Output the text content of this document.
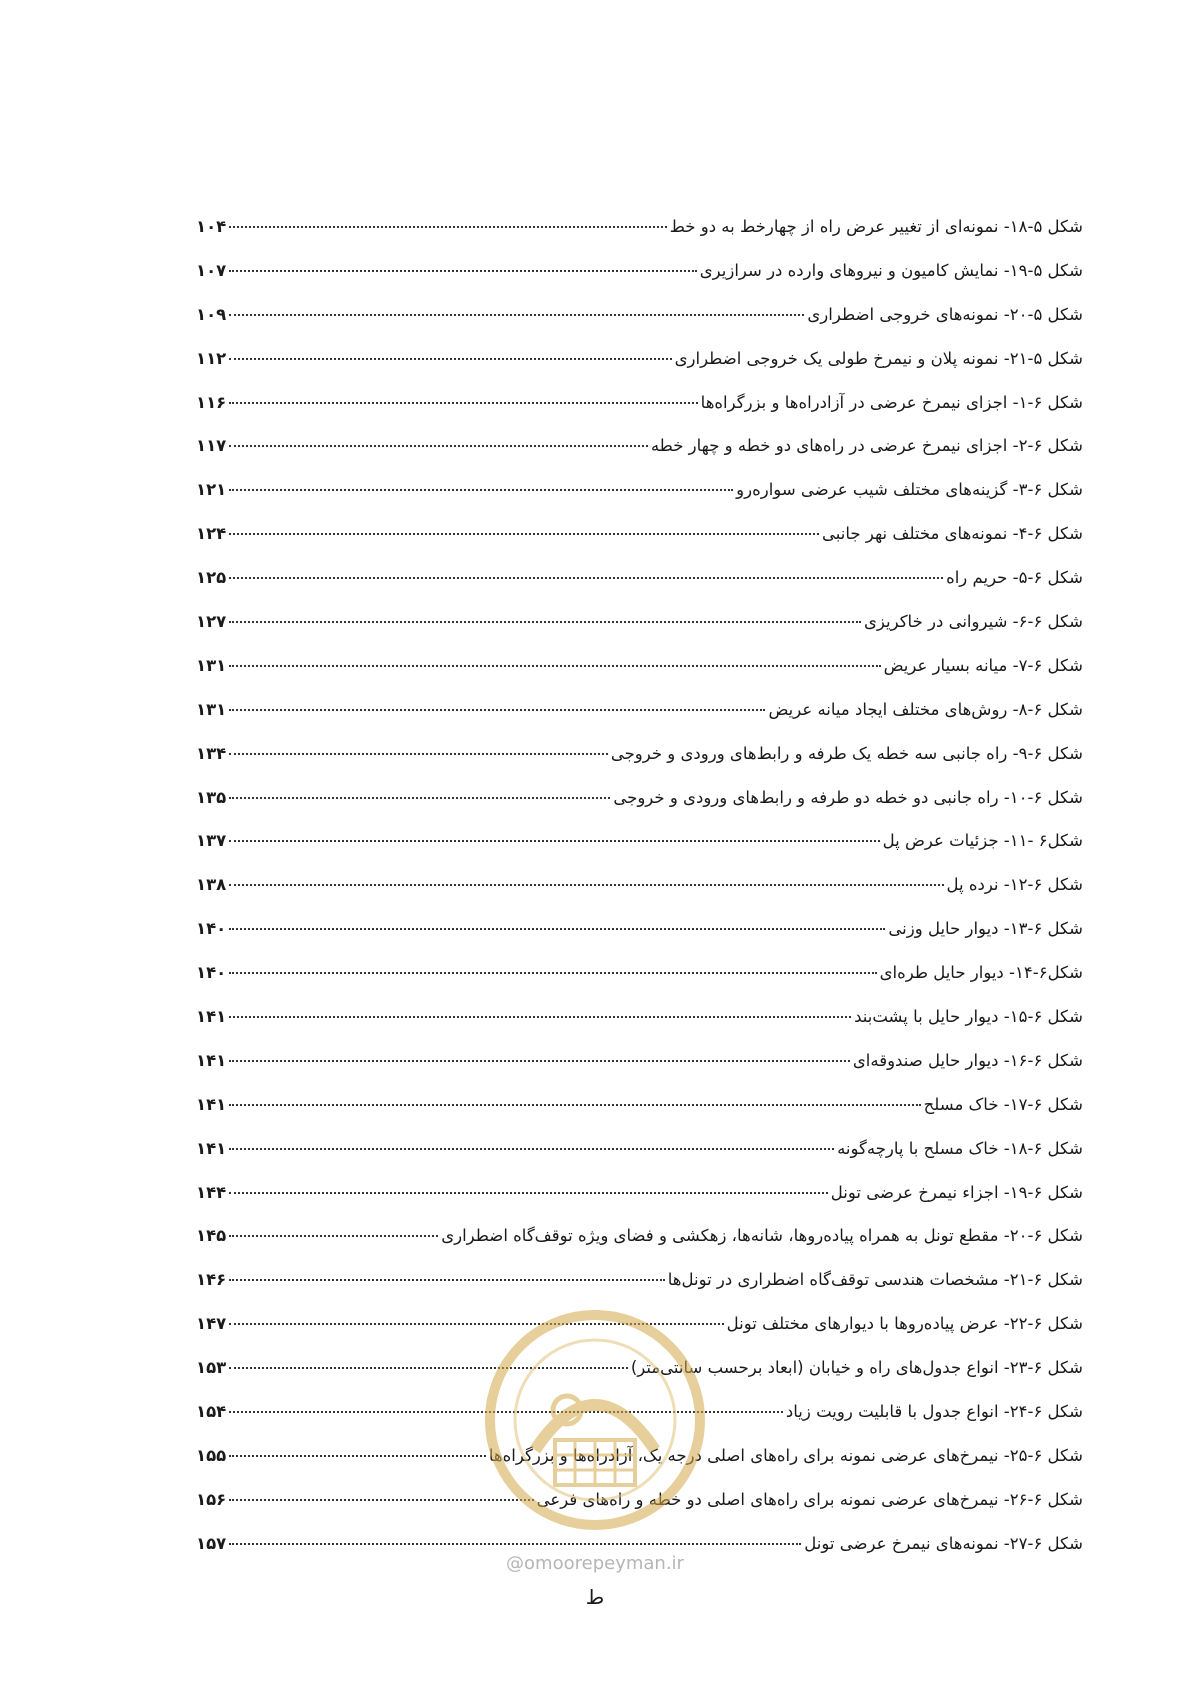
شکل ۵-۱۸- نمونه‌ای از تغییر عرض راه از چهارخط به دو خط
۱۰۴
شکل ۵-۱۹- نمایش کامیون و نیروهای وارده در سرازیری
۱۰۷
شکل ۵-۲۰- نمونه‌های خروجی اضطراری
۱۰۹
شکل ۵-۲۱- نمونه پلان و نیمرخ طولی یک خروجی اضطراری
۱۱۲
شکل ۶-۱- اجزای نیمرخ عرضی در آزادراه‌ها و بزرگراه‌ها
۱۱۶
شکل ۶-۲- اجزای نیمرخ عرضی در راه‌های دو خطه و چهار خطه
۱۱۷
شکل ۶-۳- گزینه‌های مختلف شیب عرضی سواره‌رو
۱۲۱
شکل ۶-۴- نمونه‌های مختلف نهر جانبی
۱۲۴
شکل ۶-۵- حریم راه
۱۲۵
شکل ۶-۶- شیروانی در خاکریزی
۱۲۷
شکل ۶-۷- میانه بسیار عریض
۱۳۱
شکل ۶-۸- روش‌های مختلف ایجاد میانه عریض
۱۳۱
شکل ۶-۹- راه جانبی سه خطه یک طرفه و رابط‌های ورودی و خروجی
۱۳۴
شکل ۶-۱۰- راه جانبی دو خطه دو طرفه و رابط‌های ورودی و خروجی
۱۳۵
شکل۶ -۱۱- جزئیات عرض پل
۱۳۷
شکل ۶-۱۲- نرده پل
۱۳۸
شکل ۶-۱۳- دیوار حایل وزنی
۱۴۰
شکل۶-۱۴- دیوار حایل طره‌ای
۱۴۰
شکل ۶-۱۵- دیوار حایل با پشت‌بند
۱۴۱
شکل ۶-۱۶- دیوار حایل صندوقه‌ای
۱۴۱
شکل ۶-۱۷- خاک مسلح
۱۴۱
شکل ۶-۱۸- خاک مسلح با پارچه‌گونه
۱۴۱
شکل ۶-۱۹- اجزاء نیمرخ عرضی تونل
۱۴۴
شکل ۶-۲۰- مقطع تونل به همراه پیاده‌روها، شانه‌ها، زهکشی و فضای ویژه توقف‌گاه اضطراری
۱۴۵
شکل ۶-۲۱- مشخصات هندسی توقف‌گاه اضطراری در تونل‌ها
۱۴۶
شکل ۶-۲۲- عرض پیاده‌روها با دیوارهای مختلف تونل
۱۴۷
شکل ۶-۲۳- انواع جدول‌های راه و خیابان (ابعاد برحسب سانتی‌متر)
۱۵۳
شکل ۶-۲۴- انواع جدول با قابلیت رویت زیاد
۱۵۴
شکل ۶-۲۵- نیمرخ‌های عرضی نمونه برای راه‌های اصلی درجه یک، آزادراه‌ها و بزرگراه‌ها
۱۵۵
شکل ۶-۲۶- نیمرخ‌های عرضی نمونه برای راه‌های اصلی دو خطه و راه‌های فرعی
۱۵۶
شکل ۶-۲۷- نمونه‌های نیمرخ عرضی تونل
۱۵۷
@omoorepeyman.ir
ط
